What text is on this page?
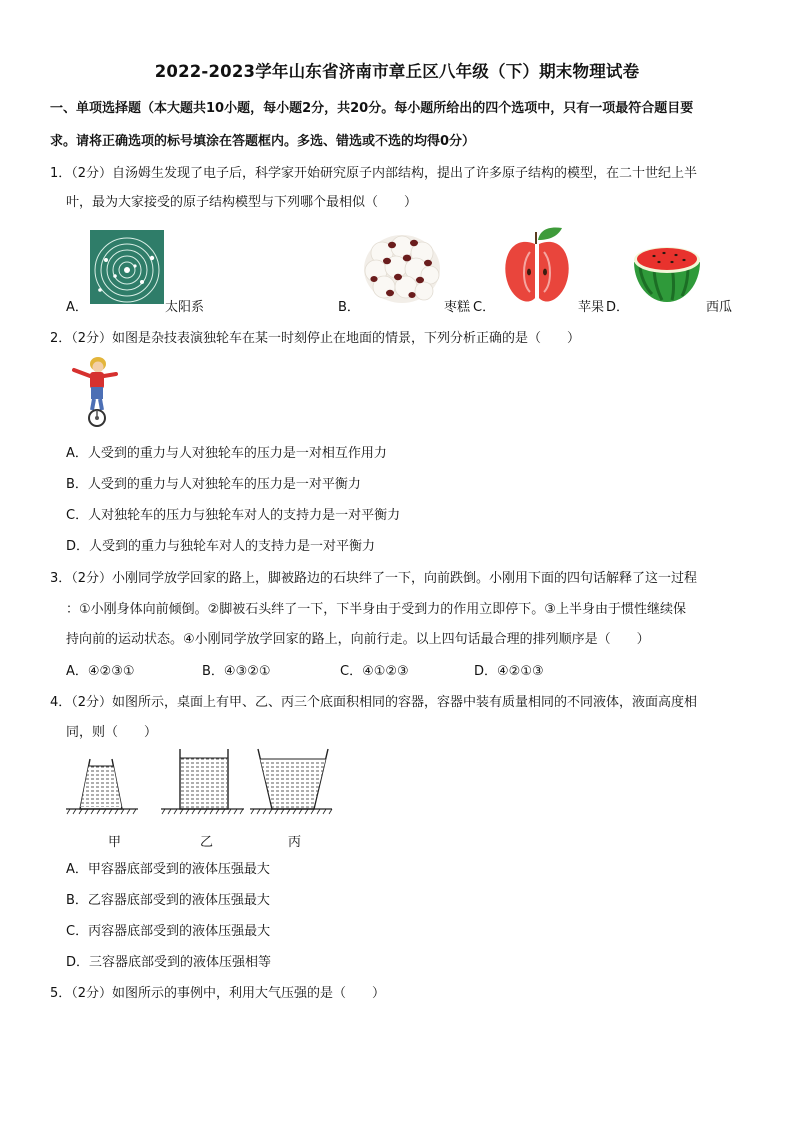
2022-2023学年山东省济南市章丘区八年级（下）期末物理试卷
一、单项选择题（本大题共10小题，每小题2分，共20分。每小题所给出的四个选项中，只有一项最符合题目要
求。请将正确选项的标号填涂在答题框内。多选、错选或不选的均得0分）
1．（2分）自汤姆生发现了电子后，科学家开始研究原子内部结构，提出了许多原子结构的模型，在二十世纪上半
叶，最为大家接受的原子结构模型与下列哪个最相似（　　）
A．	太阳系	B．	枣糕 C．	苹果 D．	西瓜
2．（2分）如图是杂技表演独轮车在某一时刻停止在地面的情景，下列分析正确的是（　　）
A．人受到的重力与人对独轮车的压力是一对相互作用力
B．人受到的重力与人对独轮车的压力是一对平衡力
C．人对独轮车的压力与独轮车对人的支持力是一对平衡力
D．人受到的重力与独轮车对人的支持力是一对平衡力
3．（2分）小刚同学放学回家的路上，脚被路边的石块绊了一下，向前跌倒。小刚用下面的四句话解释了这一过程
：①小刚身体向前倾倒。②脚被石头绊了一下，下半身由于受到力的作用立即停下。③上半身由于惯性继续保
持向前的运动状态。④小刚同学放学回家的路上，向前行走。以上四句话最合理的排列顺序是（　　）
A．④②③①	B．④③②①	C．④①②③	D．④②①③
4．（2分）如图所示，桌面上有甲、乙、丙三个底面积相同的容器，容器中装有质量相同的不同液体，液面高度相
同，则（　　）
甲	乙	丙
A．甲容器底部受到的液体压强最大
B．乙容器底部受到的液体压强最大
C．丙容器底部受到的液体压强最大
D．三容器底部受到的液体压强相等
5．（2分）如图所示的事例中，利用大气压强的是（　　）
